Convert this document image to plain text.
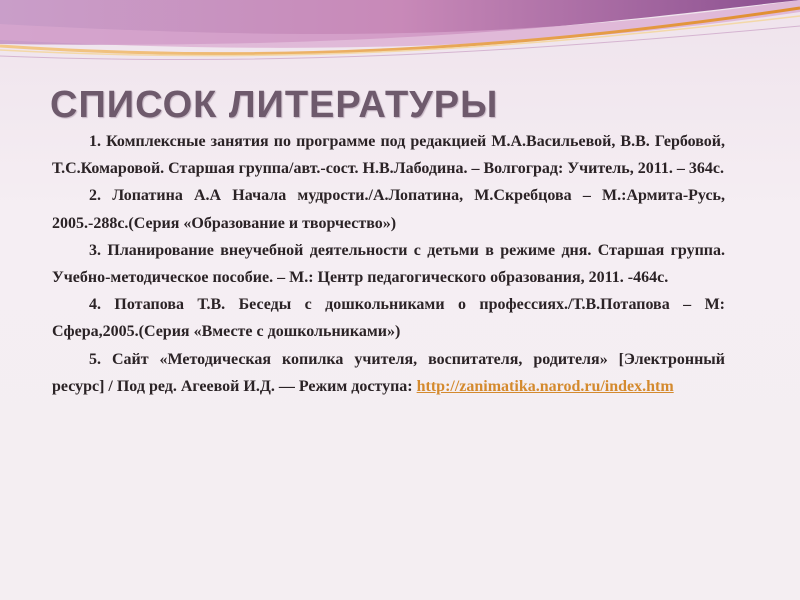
СПИСОК ЛИТЕРАТУРЫ

1. Комплексные занятия по программе под редакцией М.А.Васильевой, В.В. Гербовой, Т.С.Комаровой. Старшая группа/авт.-сост. Н.В.Лабодина. – Волгоград: Учитель, 2011. – 364с.

2. Лопатина А.А Начала мудрости./А.Лопатина, М.Скребцова – М.:Армита-Русь, 2005.-288с.(Серия «Образование и творчество»)

3. Планирование внеучебной деятельности с детьми в режиме дня. Старшая группа. Учебно-методическое пособие. – М.: Центр педагогического образования, 2011. -464с.

4. Потапова Т.В. Беседы с дошкольниками о профессиях./Т.В.Потапова – М: Сфера,2005.(Серия «Вместе с дошкольниками»)

5. Сайт «Методическая копилка учителя, воспитателя, родителя» [Электронный ресурс] / Под ред. Агеевой И.Д. — Режим доступа: http://zanimatika.narod.ru/index.htm
